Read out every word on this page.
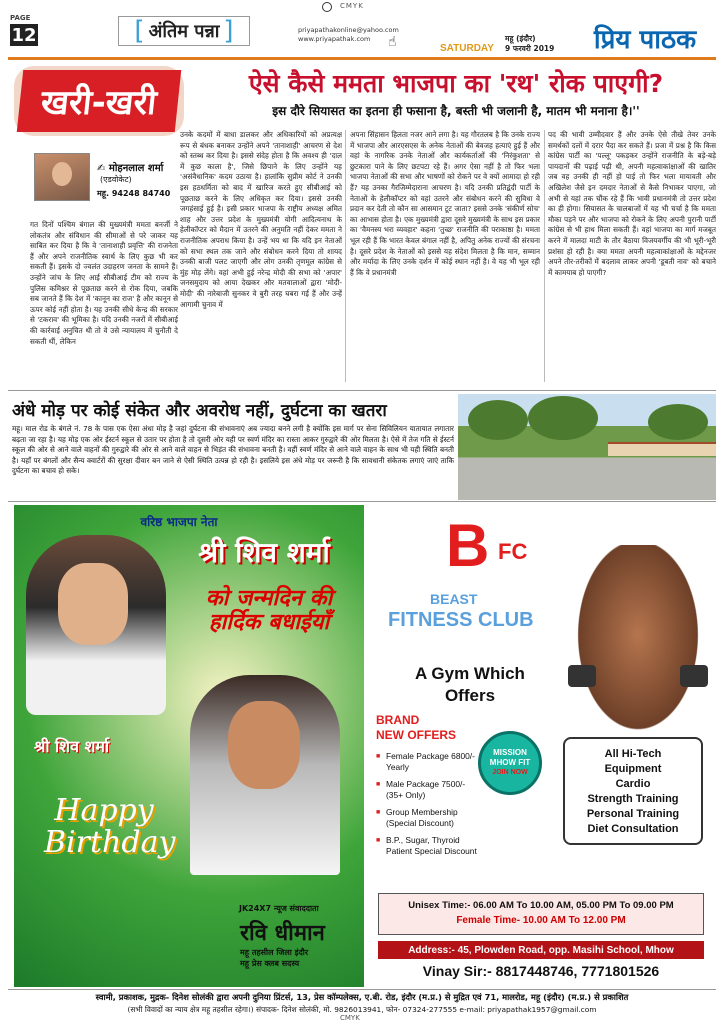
CMYK
PAGE
12	[ अंतिम पन्ना ]	priyapathakonline@yahoo.com
www.priyapathak.com	☝	SATURDAY
महू (इंदौर)
9 फरवरी 2019	प्रिय पाठक
खरी-खरी	ऐसे कैसे ममता भाजपा का 'रथ' रोक पाएगी?
इस दौरे सियासत का इतना ही फसाना है, बस्ती भी जलानी है, मातम भी मनाना है।''
✍ मोहनलाल शर्मा
(एडवोकेट)
महू. 94248 84740
गत दिनों पश्चिम बंगाल की मुख्यमंत्री ममता बनर्जी ने लोकतंत्र और संविधान की सीमाओं से परे जाकर यह साबित कर दिया है कि वे 'तानाशाही प्रवृत्ति' की राजनेता हैं और अपने राजनीतिक स्वार्थ के लिए कुछ भी कर सकती हैं। इसके दो ज्वलंत उदाहरण जनता के सामने हैं। उन्होंने जांच के लिए आई सीबीआई टीम को राज्य के पुलिस कमिश्नर से पूछताछ करने से रोक दिया, जबकि सब जानते हैं कि देश में 'कानून का राज' है और कानून से ऊपर कोई नहीं होता है। यह उनकी सीधे केन्द्र की सरकार से 'टकराव' की भूमिका है। यदि उनकी नजरों में सीबीआई की कार्रवाई अनुचित थी तो वे उसे न्यायालय में चुनौती दे सकती थीं, लेकिन
उनके कदमों में बाधा डालकर और अधिकारियों को अप्रत्यक्ष रूप से बंधक बनाकर उन्होंने अपने 'तानाशाही' आचरण से देश को स्तब्ध कर दिया है। इससे संदेह होता है कि अवश्य ही 'दाल में कुछ काला है', जिसे छिपाने के लिए उन्होंने यह 'असंवैधानिक' कदम उठाया है। हालांकि सुप्रीम कोर्ट ने उनकी इस हठधर्मिता को बाद में खारिज करते हुए सीबीआई को पूछताछ करने के लिए अधिकृत कर दिया। इससे उनकी जगहंसाई हुई है। इसी प्रकार भाजपा के राष्ट्रीय अध्यक्ष अमित शाह और उत्तर प्रदेश के मुख्यमंत्री योगी आदित्यनाथ के हेलीकॉप्टर को मैदान में उतरने की अनुमति नहीं देकर ममता ने राजनीतिक अपराध किया है। उन्हें भय था कि यदि इन नेताओं को सभा स्थल तक जाने और संबोधन करने दिया तो शायद उनकी बाजी पलट जाएगी और लोग उनकी तृणमूल कांग्रेस से मुंह मोड़ लेंगे। वहां अभी हुई नरेन्द्र मोदी की सभा को 'अपार' जनसमुदाय को आया देखकर और मतवालाओं द्वारा 'मोदी-मोदी' की नारेबाजी सुनकर वे बुरी तरह घबरा गई हैं और उन्हें आगामी चुनाव में
अपना सिंहासन हिलता नजर आने लगा है। यह गौरतलब है कि उनके राज्य में भाजपा और आरएसएस के अनेक नेताओं की बेवजह हत्याएं हुई हैं और वहां के नागरिक उनके नेताओं और कार्यकर्ताओं की 'निरंकुशता' से छुटकारा पाने के लिए छटपटा रहे हैं। अगर ऐसा नहीं है तो फिर भला भाजपा नेताओं की सभा और भाषणों को रोकने पर वे क्यों आमादा हो रही हैं? यह उनका गैरजिम्मेदाराना आचरण है। यदि उनकी प्रतिद्वंदी पार्टी के नेताओं के हेलीकॉप्टर को वहां उतरने और संबोधन करने की सुविधा वे प्रदान कर देती तो कौन सा आसमान टूट जाता? इससे उनके 'संकीर्ण सोच' का आभास होता है। एक मुख्यमंत्री द्वारा दूसरे मुख्यमंत्री के साथ इस प्रकार का 'वैमनस्य भरा व्यवहार' कहना 'तुच्छ' राजनीति की पराकाष्ठा है। ममता भूल रही हैं कि भारत केवल बंगाल नहीं है, अपितु अनेक राज्यों की संरचना है। दूसरे प्रदेश के नेताओं को इससे यह संदेश मिलता है कि मान, सम्मान और मर्यादा के लिए उनके दर्शन में कोई स्थान नहीं है। वे यह भी भूल रही हैं कि वे प्रधानमंत्री
पद की भावी उम्मीदवार हैं और उनके ऐसे तीखे तेवर उनके समर्थकों दलों में दरार पैदा कर सकते हैं। प्रजा में प्रश्न है कि किस कांग्रेस पार्टी का 'पल्लू' पकड़कर उन्होंने राजनीति के बड़े-बड़े पायदानों की पढ़ाई पढ़ी थी, अपनी महत्वाकांक्षाओं की खातिर जब वह उनकी ही नहीं हो पाई तो फिर भला मायावती और अखिलेश जैसे इन दमदार नेताओं से कैसे निभाकर पाएगा, जो अभी से यहां तक चौंक रहे हैं कि भावी प्रधानमंत्री तो उत्तर प्रदेश का ही होगा। सियासत के चालबाजों में यह भी चर्चा है कि ममता मौका पड़ने पर और भाजपा को रोकने के लिए अपनी पुरानी पार्टी कांग्रेस से भी हाथ मिला सकती हैं। वहां भाजपा का मार्ग मजबूत करने में मालदा माटी के तौर बैठाया विजयवर्गीय की भी भूरी-भूरी प्रशंसा हो रही है। क्या ममता अपनी महत्वाकांक्षाओं के मद्देनजर अपने तौर-तरीकों में बदलाव लाकर अपनी 'डूबती नाव' को बचाने में कामयाब हो पाएगी?
अंधे मोड़ पर कोई संकेत और अवरोध नहीं, दुर्घटना का खतरा
महू। माल रोड के बंगले नं. 78 के पास एक ऐसा अंधा मोड़ है जहां दुर्घटना की संभावनाएं अब ज्यादा बनने लगी है क्योंकि इस मार्ग पर सेना सिविलियन यातायात लगातार बढ़ता जा रहा है। यह मोड़ एक ओर ईस्टर्न स्कूल से उतार पर होता है तो दूसरी ओर यही पर स्वर्ण मंदिर का रास्ता आकर गुरुद्वारे की ओर मिलता है। ऐसे में तेज गति से ईस्टर्न स्कूल की ओर से आने वाले वाहनों की गुरुद्वारे की ओर से आने वाले वाहन से भिड़ंत की संभावना बनती है। वहीं स्वर्ण मंदिर से आने वाले वाहन के साथ भी यही स्थिति बनती है। यहाँ पर बंगलों और सैन्य क्वार्टरों की सुरक्षा दीवार बन जाने से ऐसी स्थिति उत्पन्न हो रही है। इसलिये इस अंधे मोड़ पर जरूरी है कि सावधानी संकेतक लगाएं जाएं ताकि दुर्घटना का बचाव हो सके।
वरिष्ठ भाजपा नेता
श्री शिव शर्मा
को जन्मदिन की हार्दिक बधाईयाँ
श्री शिव शर्मा
Happy Birthday
JK24X7 न्यूज संवाददाता
रवि धीमान
महू तहसील जिला इंदौर
महू प्रेस क्लब सदस्य
B FC
BEAST
FITNESS CLUB
A Gym Which Offers
BRAND
NEW OFFERS
■ Female Package 6800/- Yearly
■ Male Package 7500/- (35+ Only)
■ Group Membership (Special Discount)
■ B.P., Sugar, Thyroid Patient Special Discount
MISSION
MHOW FIT
JOIN NOW
All Hi-Tech
Equipment
Cardio
Strength Training
Personal Training
Diet Consultation
Unisex Time:- 06.00 AM To 10.00 AM, 05.00 PM To 09.00 PM
Female Time- 10.00 AM To 12.00 PM
Address:- 45, Plowden Road, opp. Masihi School, Mhow
Vinay Sir:- 8817448746, 7771801526
स्वामी, प्रकाशक, मुद्रक- दिनेश सोलंकी द्वारा अपनी दुनिया प्रिंटर्स, 13, प्रेस कॉम्पलेक्स, ए.बी. रोड, इंदौर (म.प्र.) से मुद्रित एवं 71, मालरोड, महू (इंदौर) (म.प्र.) से प्रकाशित
(सभी विवादों का न्याय क्षेत्र महू तहसील रहेगा।) संपादक- दिनेश सोलंकी, मो. 9826013941, फोन- 07324-277555 e-mail: priyapathak1957@gmail.com
CMYK
